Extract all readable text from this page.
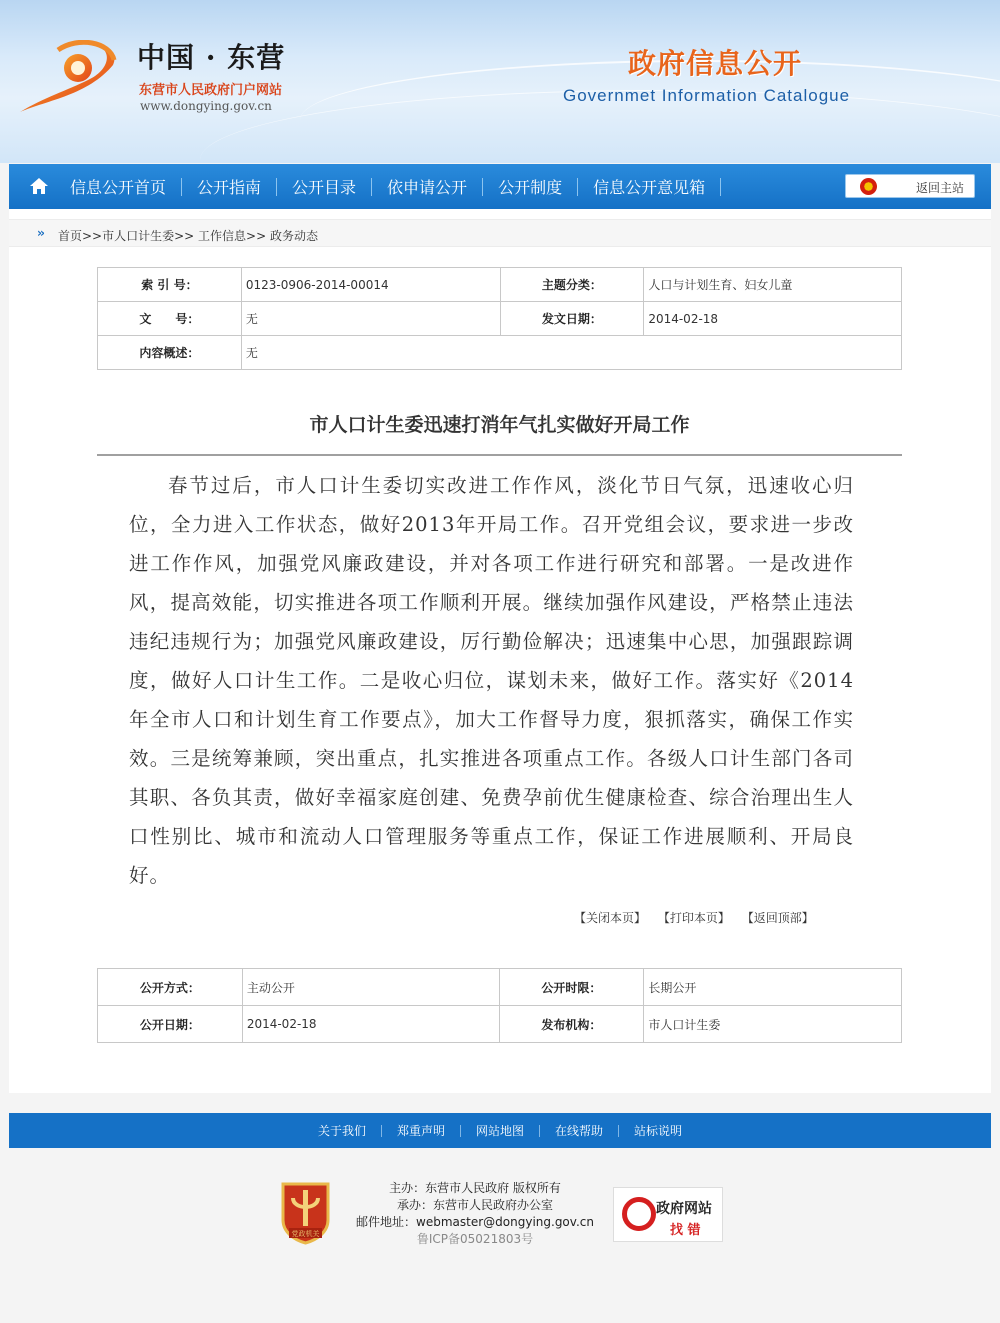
中国 · 东营
东营市人民政府门户网站
www.dongying.gov.cn
政府信息公开
Governmet Information Catalogue
信息公开首页	公开指南	公开目录	依申请公开	公开制度	信息公开意见箱	返回主站
›› 首页>>市人口计生委>> 工作信息>> 政务动态
索 引 号：	0123-0906-2014-00014	主题分类：	人口与计划生育、妇女儿童
文　　号：	无	发文日期：	2014-02-18
内容概述：	无		
市人口计生委迅速打消年气扎实做好开局工作
春节过后，市人口计生委切实改进工作作风，淡化节日气氛，迅速收心归位，全力进入工作状态，做好2013年开局工作。召开党组会议，要求进一步改进工作作风，加强党风廉政建设，并对各项工作进行研究和部署。一是改进作风，提高效能，切实推进各项工作顺利开展。继续加强作风建设，严格禁止违法违纪违规行为；加强党风廉政建设，厉行勤俭解决；迅速集中心思，加强跟踪调度，做好人口计生工作。二是收心归位，谋划未来，做好工作。落实好《2014年全市人口和计划生育工作要点》，加大工作督导力度，狠抓落实，确保工作实效。三是统筹兼顾，突出重点，扎实推进各项重点工作。各级人口计生部门各司其职、各负其责，做好幸福家庭创建、免费孕前优生健康检查、综合治理出生人口性别比、城市和流动人口管理服务等重点工作，保证工作进展顺利、开局良好。
【关闭本页】 【打印本页】 【返回顶部】
公开方式：	主动公开	公开时限：	长期公开
公开日期：	2014-02-18	发布机构：	市人口计生委
关于我们	郑重声明	网站地图	在线帮助	站标说明
党政机关
主办：东营市人民政府 版权所有
承办：东营市人民政府办公室
邮件地址：webmaster@dongying.gov.cn
鲁ICP备05021803号
政府网站
找 错
